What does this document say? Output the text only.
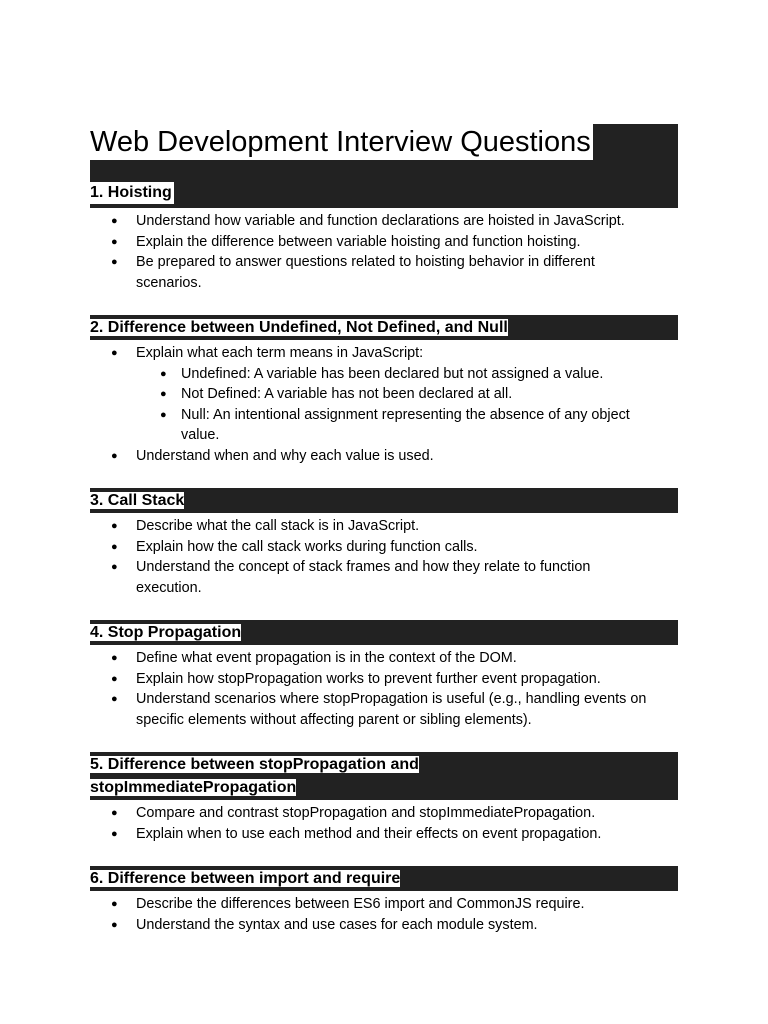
Web Development Interview Questions
1. Hoisting
● Understand how variable and function declarations are hoisted in JavaScript.
● Explain the difference between variable hoisting and function hoisting.
● Be prepared to answer questions related to hoisting behavior in different scenarios.
2. Difference between Undefined, Not Defined, and Null
● Explain what each term means in JavaScript:
● Undefined: A variable has been declared but not assigned a value.
● Not Defined: A variable has not been declared at all.
● Null: An intentional assignment representing the absence of any object value.
● Understand when and why each value is used.
3. Call Stack
● Describe what the call stack is in JavaScript.
● Explain how the call stack works during function calls.
● Understand the concept of stack frames and how they relate to function execution.
4. Stop Propagation
● Define what event propagation is in the context of the DOM.
● Explain how stopPropagation works to prevent further event propagation.
● Understand scenarios where stopPropagation is useful (e.g., handling events on specific elements without affecting parent or sibling elements).
5. Difference between stopPropagation and stopImmediatePropagation
● Compare and contrast stopPropagation and stopImmediatePropagation.
● Explain when to use each method and their effects on event propagation.
6. Difference between import and require
● Describe the differences between ES6 import and CommonJS require.
● Understand the syntax and use cases for each module system.
